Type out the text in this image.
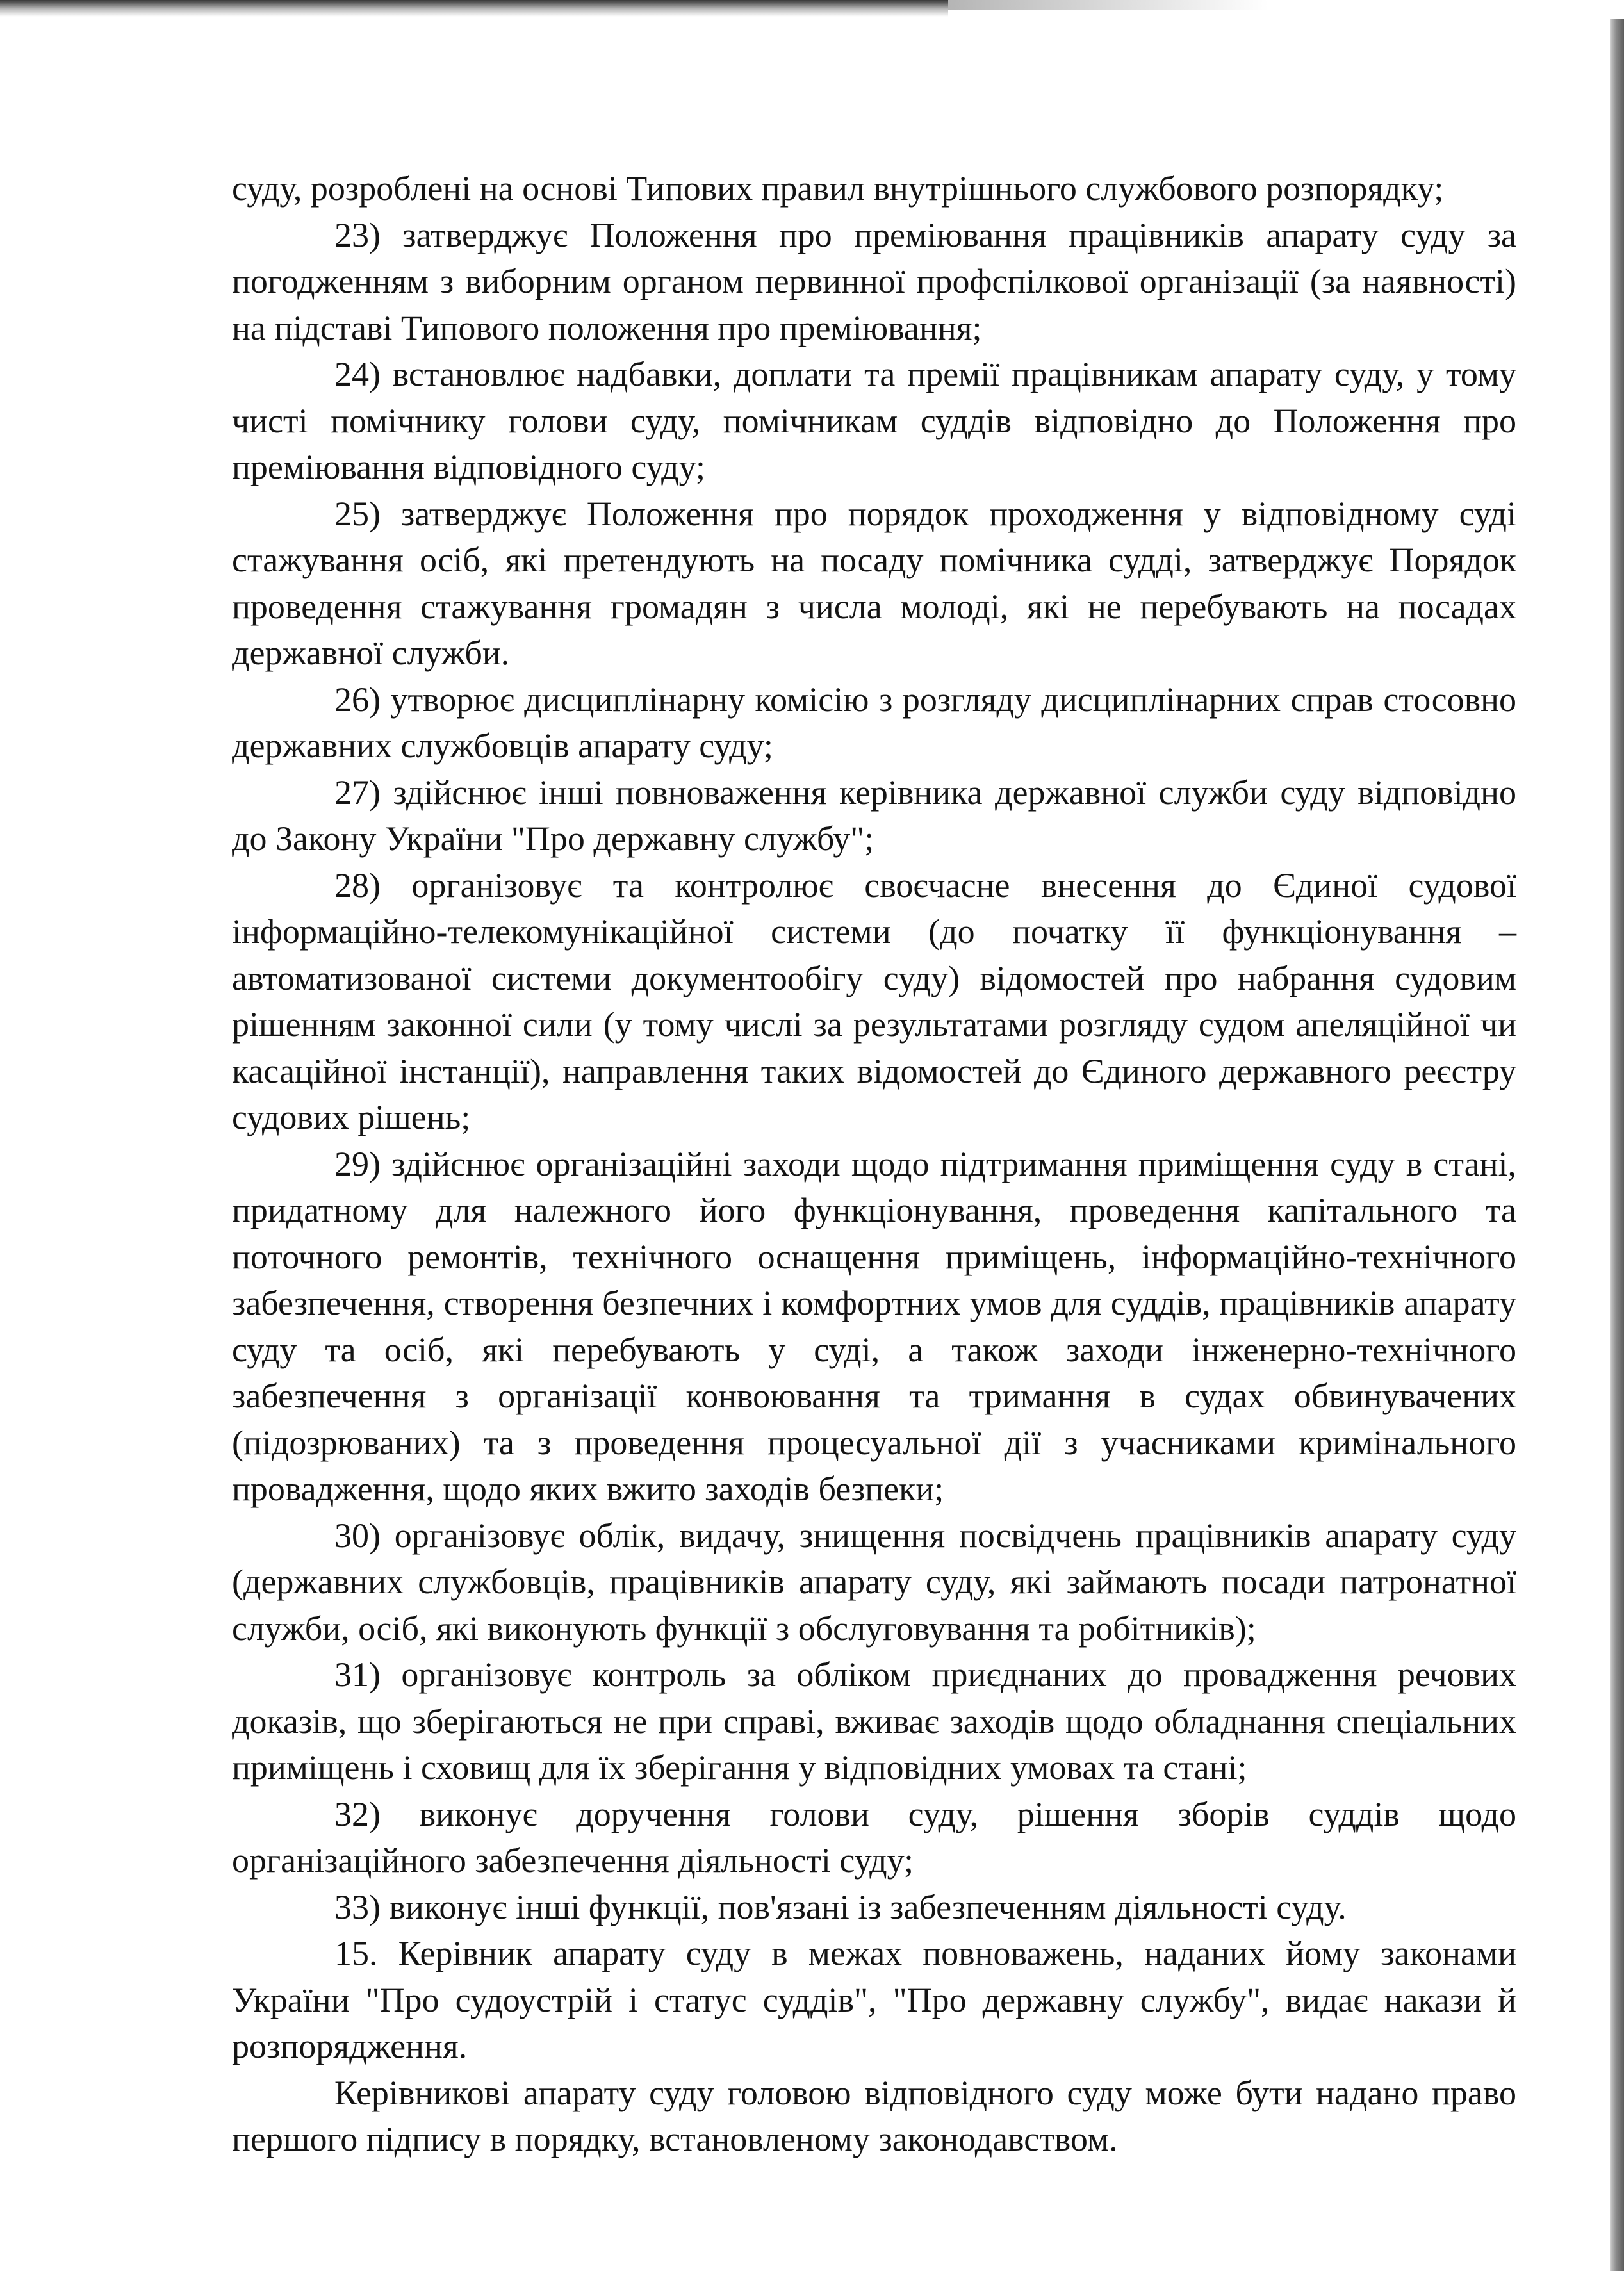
суду, розроблені на основі Типових правил внутрішнього службового розпорядку;

23) затверджує Положення про преміювання працівників апарату суду за погодженням з виборним органом первинної профспілкової організації (за наявності) на підставі Типового положення про преміювання;

24) встановлює надбавки, доплати та премії працівникам апарату суду, у тому чисті помічнику голови суду, помічникам суддів відповідно до Положення про преміювання відповідного суду;

25) затверджує Положення про порядок проходження у відповідному суді стажування осіб, які претендують на посаду помічника судді, затверджує Порядок проведення стажування громадян з числа молоді, які не перебувають на посадах державної служби.

26) утворює дисциплінарну комісію з розгляду дисциплінарних справ стосовно державних службовців апарату суду;

27) здійснює інші повноваження керівника державної служби суду відповідно до Закону України "Про державну службу";

28) організовує та контролює своєчасне внесення до Єдиної судової інформаційно-телекомунікаційної системи (до початку її функціонування – автоматизованої системи документообігу суду) відомостей про набрання судовим рішенням законної сили (у тому числі за результатами розгляду судом апеляційної чи касаційної інстанції), направлення таких відомостей до Єдиного державного реєстру судових рішень;

29) здійснює організаційні заходи щодо підтримання приміщення суду в стані, придатному для належного його функціонування, проведення капітального та поточного ремонтів, технічного оснащення приміщень, інформаційно-технічного забезпечення, створення безпечних і комфортних умов для суддів, працівників апарату суду та осіб, які перебувають у суді, а також заходи інженерно-технічного забезпечення з організації конвоювання та тримання в судах обвинувачених (підозрюваних) та з проведення процесуальної дії з учасниками кримінального провадження, щодо яких вжито заходів безпеки;

30) організовує облік, видачу, знищення посвідчень працівників апарату суду (державних службовців, працівників апарату суду, які займають посади патронатної служби, осіб, які виконують функції з обслуговування та робітників);

31) організовує контроль за обліком приєднаних до провадження речових доказів, що зберігаються не при справі, вживає заходів щодо обладнання спеціальних приміщень і сховищ для їх зберігання у відповідних умовах та стані;

32) виконує доручення голови суду, рішення зборів суддів щодо організаційного забезпечення діяльності суду;

33) виконує інші функції, пов'язані із забезпеченням діяльності суду.

15. Керівник апарату суду в межах повноважень, наданих йому законами України "Про судоустрій і статус суддів", "Про державну службу", видає накази й розпорядження.

Керівникові апарату суду головою відповідного суду може бути надано право першого підпису в порядку, встановленому законодавством.
